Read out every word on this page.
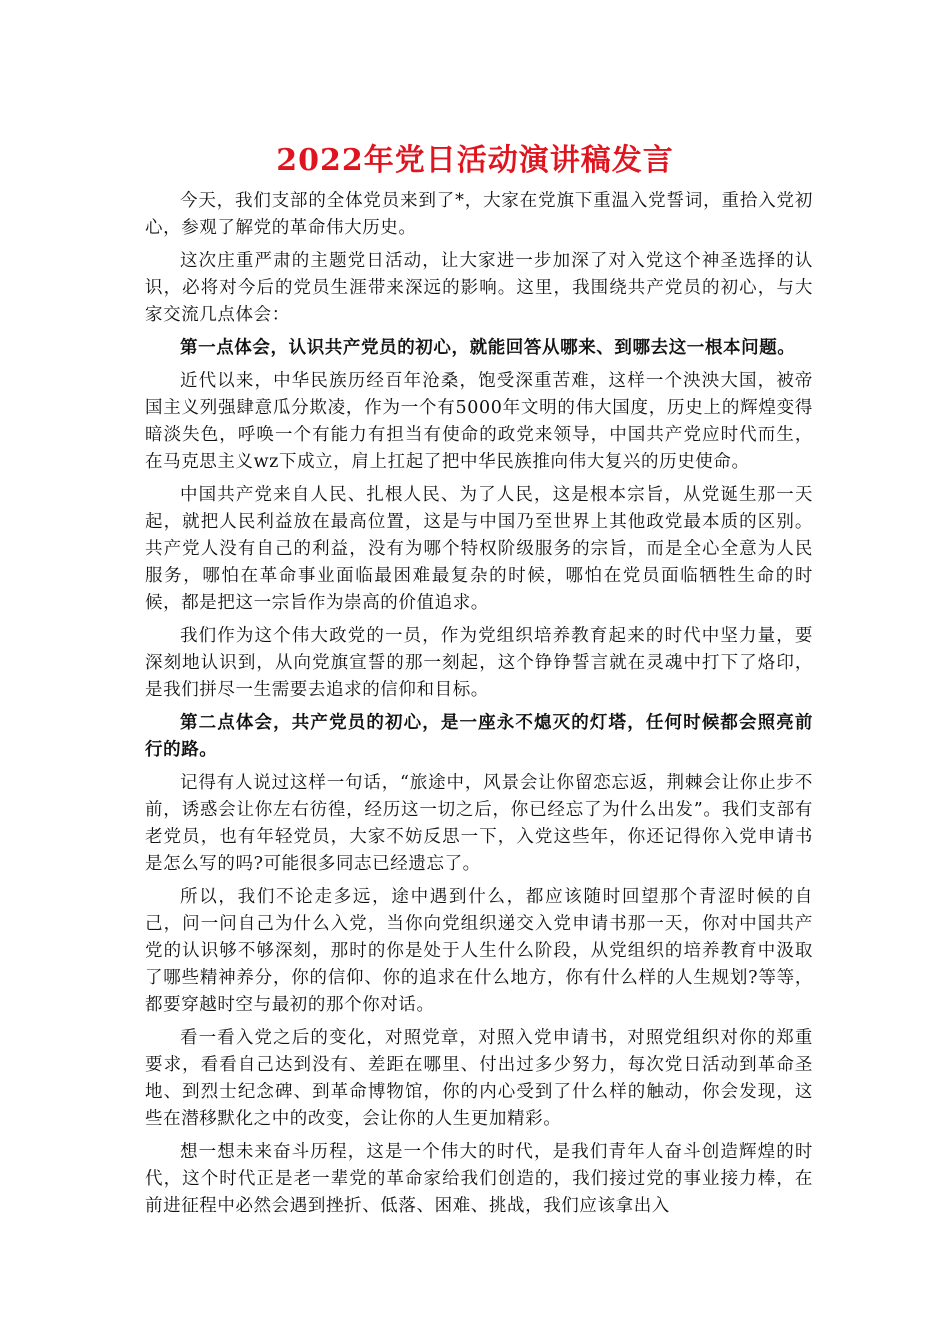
2022年党日活动演讲稿发言

今天，我们支部的全体党员来到了*，大家在党旗下重温入党誓词，重拾入党初心，参观了解党的革命伟大历史。

这次庄重严肃的主题党日活动，让大家进一步加深了对入党这个神圣选择的认识，必将对今后的党员生涯带来深远的影响。这里，我围绕共产党员的初心，与大家交流几点体会：

第一点体会，认识共产党员的初心，就能回答从哪来、到哪去这一根本问题。

近代以来，中华民族历经百年沧桑，饱受深重苦难，这样一个泱泱大国，被帝国主义列强肆意瓜分欺凌，作为一个有5000年文明的伟大国度，历史上的辉煌变得暗淡失色，呼唤一个有能力有担当有使命的政党来领导，中国共产党应时代而生，在马克思主义wz下成立，肩上扛起了把中华民族推向伟大复兴的历史使命。

中国共产党来自人民、扎根人民、为了人民，这是根本宗旨，从党诞生那一天起，就把人民利益放在最高位置，这是与中国乃至世界上其他政党最本质的区别。共产党人没有自己的利益，没有为哪个特权阶级服务的宗旨，而是全心全意为人民服务，哪怕在革命事业面临最困难最复杂的时候，哪怕在党员面临牺牲生命的时候，都是把这一宗旨作为崇高的价值追求。

我们作为这个伟大政党的一员，作为党组织培养教育起来的时代中坚力量，要深刻地认识到，从向党旗宣誓的那一刻起，这个铮铮誓言就在灵魂中打下了烙印，是我们拼尽一生需要去追求的信仰和目标。

第二点体会，共产党员的初心，是一座永不熄灭的灯塔，任何时候都会照亮前行的路。

记得有人说过这样一句话，“旅途中，风景会让你留恋忘返，荆棘会让你止步不前，诱惑会让你左右彷徨，经历这一切之后，你已经忘了为什么出发”。我们支部有老党员，也有年轻党员，大家不妨反思一下，入党这些年，你还记得你入党申请书是怎么写的吗?可能很多同志已经遗忘了。

所以，我们不论走多远，途中遇到什么，都应该随时回望那个青涩时候的自己，问一问自己为什么入党，当你向党组织递交入党申请书那一天，你对中国共产党的认识够不够深刻，那时的你是处于人生什么阶段，从党组织的培养教育中汲取了哪些精神养分，你的信仰、你的追求在什么地方，你有什么样的人生规划?等等，都要穿越时空与最初的那个你对话。

看一看入党之后的变化，对照党章，对照入党申请书，对照党组织对你的郑重要求，看看自己达到没有、差距在哪里、付出过多少努力，每次党日活动到革命圣地、到烈士纪念碑、到革命博物馆，你的内心受到了什么样的触动，你会发现，这些在潜移默化之中的改变，会让你的人生更加精彩。

想一想未来奋斗历程，这是一个伟大的时代，是我们青年人奋斗创造辉煌的时代，这个时代正是老一辈党的革命家给我们创造的，我们接过党的事业接力棒，在前进征程中必然会遇到挫折、低落、困难、挑战，我们应该拿出入
